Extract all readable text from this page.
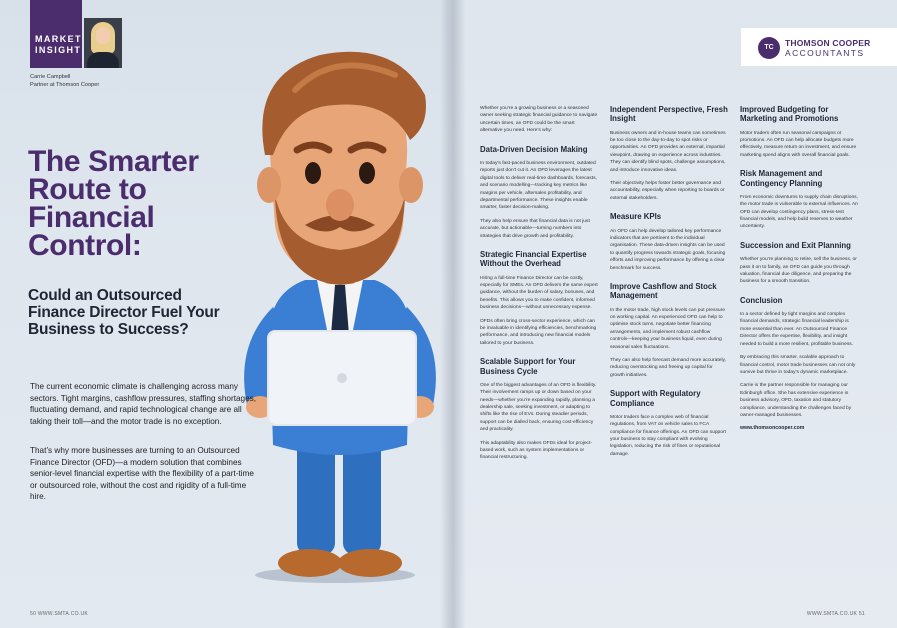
MARKET
INSIGHT
Carrie Campbell
Partner at Thomson Cooper
The Smarter Route to Financial Control:
Could an Outsourced Finance Director Fuel Your Business to Success?

The current economic climate is challenging across many sectors. Tight margins, cashflow pressures, staffing shortages, fluctuating demand, and rapid technological change are all taking their toll—and the motor trade is no exception.

That’s why more businesses are turning to an Outsourced Finance Director (OFD)—a modern solution that combines senior-level financial expertise with the flexibility of a part-time or outsourced role, without the cost and rigidity of a full-time hire.

50 WWW.SMTA.CO.UK	WWW.SMTA.CO.UK 51
TC	THOMSON COOPER
ACCOUNTANTS

Whether you’re a growing business or a seasoned owner seeking strategic financial guidance to navigate uncertain times, an OFD could be the smart alternative you need. Here’s why:

Data-Driven Decision Making

In today’s fast-paced business environment, outdated reports just don’t cut it. An OFD leverages the latest digital tools to deliver real-time dashboards, forecasts, and scenario modelling—tracking key metrics like margins per vehicle, aftersales profitability, and departmental performance. These insights enable smarter, faster decision-making.

They also help ensure that financial data is not just accurate, but actionable—turning numbers into strategies that drive growth and profitability.

Strategic Financial Expertise Without the Overhead

Hiring a full-time Finance Director can be costly, especially for SMEs. An OFD delivers the same expert guidance, without the burden of salary, bonuses, and benefits. This allows you to make confident, informed business decisions—without unnecessary expense.

OFDs often bring cross-sector experience, which can be invaluable in identifying efficiencies, benchmarking performance, and introducing new financial models tailored to your business.

Scalable Support for Your Business Cycle

One of the biggest advantages of an OFD is flexibility. Their involvement ramps up or down based on your needs—whether you’re expanding rapidly, planning a dealership sale, seeking investment, or adapting to shifts like the rise of EVs. During steadier periods, support can be dialled back, ensuring cost-efficiency and practicality.

This adaptability also makes OFDs ideal for project-based work, such as system implementations or financial restructuring.

Independent Perspective, Fresh Insight

Business owners and in-house teams can sometimes be too close to the day-to-day to spot risks or opportunities. An OFD provides an external, impartial viewpoint, drawing on experience across industries. They can identify blind spots, challenge assumptions, and introduce innovative ideas.

Their objectivity helps foster better governance and accountability, especially when reporting to boards or external stakeholders.

Measure KPIs

An OFD can help develop tailored key performance indicators that are pertinent to the individual organisation. These data-driven insights can be used to quantify progress towards strategic goals, focusing efforts and improving performance by offering a clear benchmark for success.

Improve Cashflow and Stock Management

In the motor trade, high stock levels can put pressure on working capital. An experienced OFD can help to optimise stock turns, negotiate better financing arrangements, and implement robust cashflow controls—keeping your business liquid, even during seasonal sales fluctuations.

They can also help forecast demand more accurately, reducing overstocking and freeing up capital for growth initiatives.

Support with Regulatory Compliance

Motor traders face a complex web of financial regulations, from VAT on vehicle sales to FCA compliance for finance offerings. An OFD can support your business to stay compliant with evolving legislation, reducing the risk of fines or reputational damage.

Improved Budgeting for Marketing and Promotions

Motor traders often run seasonal campaigns or promotions. An OFD can help allocate budgets more effectively, measure return on investment, and ensure marketing spend aligns with overall financial goals.

Risk Management and Contingency Planning

From economic downturns to supply chain disruptions, the motor trade is vulnerable to external influences. An OFD can develop contingency plans, stress-test financial models, and help build reserves to weather uncertainty.

Succession and Exit Planning

Whether you’re planning to retire, sell the business, or pass it on to family, an OFD can guide you through valuation, financial due diligence, and preparing the business for a smooth transition.

Conclusion

In a sector defined by tight margins and complex financial demands, strategic financial leadership is more essential than ever. An Outsourced Finance Director offers the expertise, flexibility, and insight needed to build a more resilient, profitable business.

By embracing this smarter, scalable approach to financial control, motor trade businesses can not only survive but thrive in today’s dynamic marketplace.

Carrie is the partner responsible for managing our Edinburgh office. She has extensive experience in business advisory, OFD, taxation and statutory compliance, understanding the challenges faced by owner-managed businesses.

www.thomsoncooper.com
